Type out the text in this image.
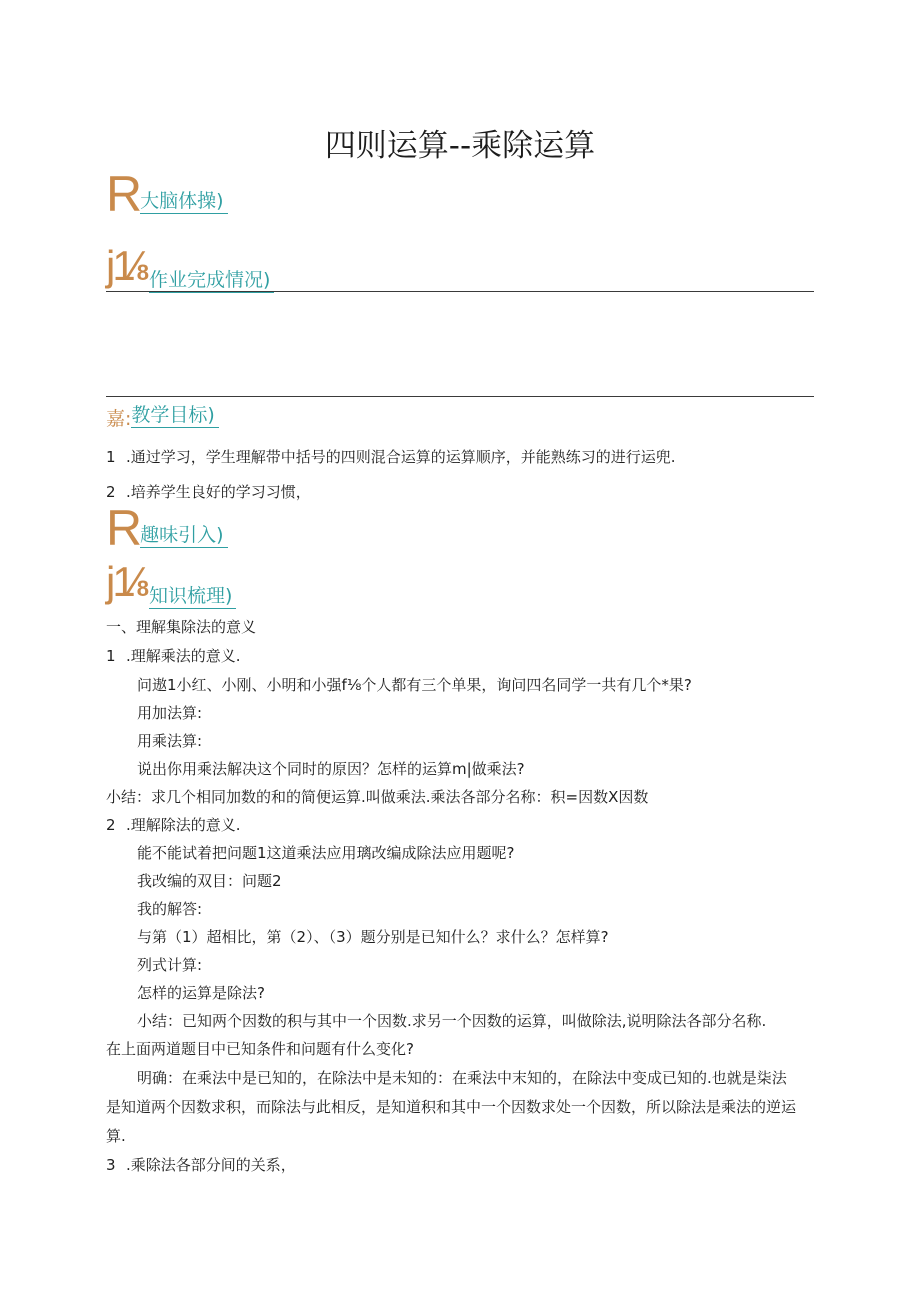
四则运算--乘除运算
R 大脑体操)
j1⁄8 作业完成情况)
嘉: 教学目标)
1 .通过学习，学生理解带中括号的四则混合运算的运算顺序，并能熟练习的进行运兜.
2 .培养学生良好的学习习惯，
R 趣味引入)
j1⁄8 知识梳理)
一、理解集除法的意义
1 .理解乘法的意义.
问遨1小红、小刚、小明和小强f⅛个人都有三个单果，询问四名同学一共有几个*果?
用加法算:
用乘法算:
说出你用乘法解决这个同时的原因？怎样的运算m|做乘法?
小结：求几个相同加数的和的简便运算.叫做乘法.乘法各部分名称：积=因数X因数
2 .理解除法的意义.
能不能试着把问题1这道乘法应用璃改编成除法应用题呢?
我改编的双目：问题2
我的解答:
与第（1）超相比，第（2）、（3）题分别是已知什么？求什么？怎样算?
列式计算:
怎样的运算是除法?
小结：已知两个因数的积与其中一个因数.求另一个因数的运算，叫做除法,说明除法各部分名称.
在上面两道题目中已知条件和问题有什么变化?
明确：在乘法中是已知的，在除法中是未知的：在乘法中末知的，在除法中变成已知的.也就是柒法
是知道两个因数求积，而除法与此相反，是知道积和其中一个因数求处一个因数，所以除法是乘法的逆运
算.
3 .乘除法各部分间的关系，
